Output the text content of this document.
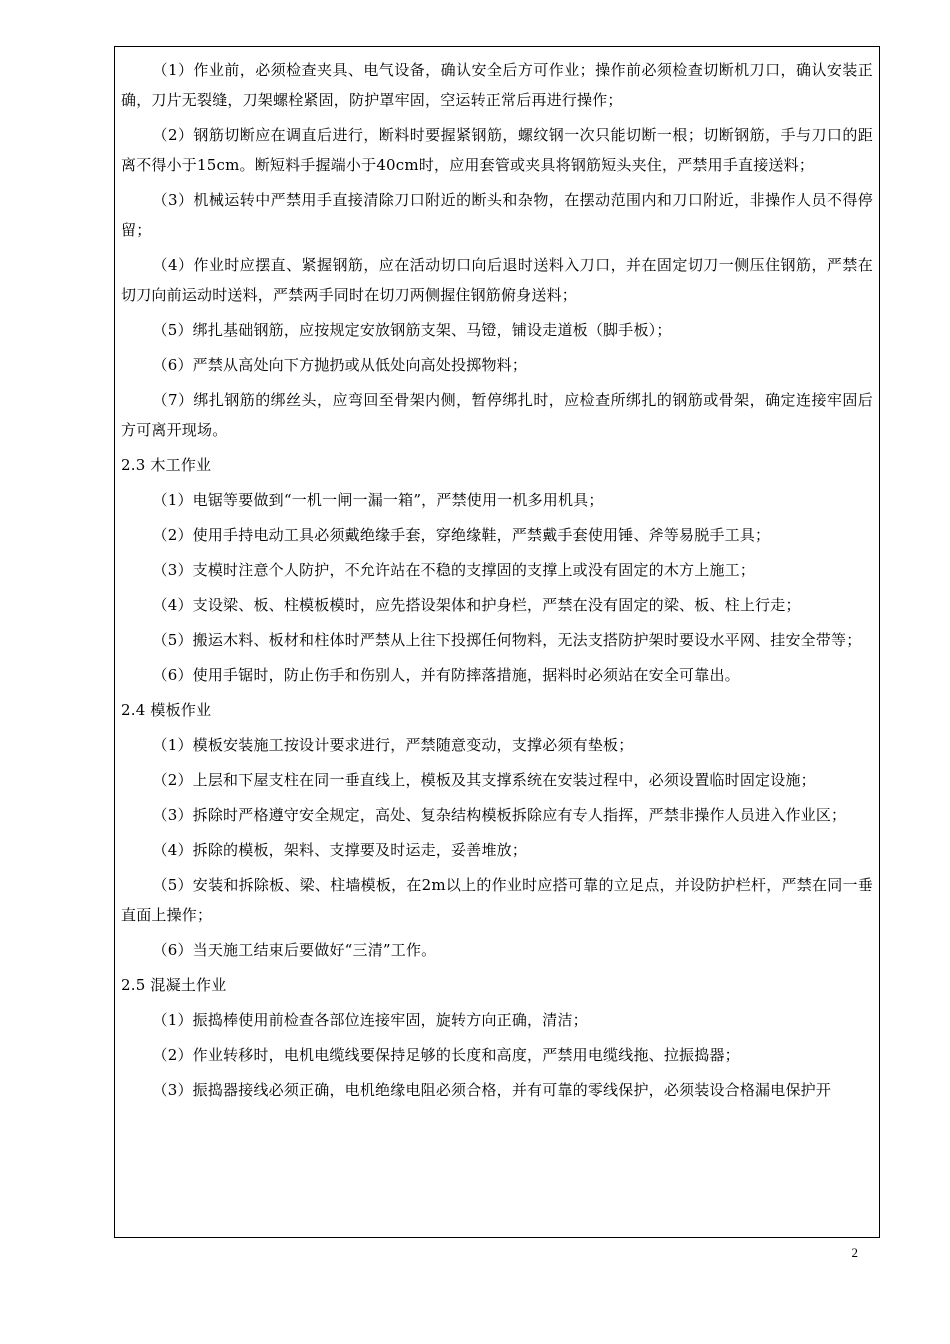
（1）作业前，必须检查夹具、电气设备，确认安全后方可作业；操作前必须检查切断机刀口，确认安装正确，刀片无裂缝，刀架螺栓紧固，防护罩牢固，空运转正常后再进行操作；
（2）钢筋切断应在调直后进行，断料时要握紧钢筋，螺纹钢一次只能切断一根；切断钢筋，手与刀口的距离不得小于15cm。断短料手握端小于40cm时，应用套管或夹具将钢筋短头夹住，严禁用手直接送料；
（3）机械运转中严禁用手直接清除刀口附近的断头和杂物，在摆动范围内和刀口附近，非操作人员不得停留；
（4）作业时应摆直、紧握钢筋，应在活动切口向后退时送料入刀口，并在固定切刀一侧压住钢筋，严禁在切刀向前运动时送料，严禁两手同时在切刀两侧握住钢筋俯身送料；
（5）绑扎基础钢筋，应按规定安放钢筋支架、马镫，铺设走道板（脚手板）；
（6）严禁从高处向下方抛扔或从低处向高处投掷物料；
（7）绑扎钢筋的绑丝头，应弯回至骨架内侧，暂停绑扎时，应检查所绑扎的钢筋或骨架，确定连接牢固后方可离开现场。
2.3 木工作业
（1）电锯等要做到“一机一闸一漏一箱”，严禁使用一机多用机具；
（2）使用手持电动工具必须戴绝缘手套，穿绝缘鞋，严禁戴手套使用锤、斧等易脱手工具；
（3）支模时注意个人防护，不允许站在不稳的支撑固的支撑上或没有固定的木方上施工；
（4）支设梁、板、柱模板模时，应先搭设架体和护身栏，严禁在没有固定的梁、板、柱上行走；
（5）搬运木料、板材和柱体时严禁从上往下投掷任何物料，无法支搭防护架时要设水平网、挂安全带等；
（6）使用手锯时，防止伤手和伤别人，并有防摔落措施，据料时必须站在安全可靠出。
2.4 模板作业
（1）模板安装施工按设计要求进行，严禁随意变动，支撑必须有垫板；
（2）上层和下屋支柱在同一垂直线上，模板及其支撑系统在安装过程中，必须设置临时固定设施；
（3）拆除时严格遵守安全规定，高处、复杂结构模板拆除应有专人指挥，严禁非操作人员进入作业区；
（4）拆除的模板，架料、支撑要及时运走，妥善堆放；
（5）安装和拆除板、梁、柱墙模板，在2m以上的作业时应搭可靠的立足点，并设防护栏杆，严禁在同一垂直面上操作；
（6）当天施工结束后要做好“三清”工作。
2.5 混凝土作业
（1）振捣棒使用前检查各部位连接牢固，旋转方向正确，清洁；
（2）作业转移时，电机电缆线要保持足够的长度和高度，严禁用电缆线拖、拉振捣器；
（3）振捣器接线必须正确，电机绝缘电阻必须合格，并有可靠的零线保护，必须装设合格漏电保护开
2
